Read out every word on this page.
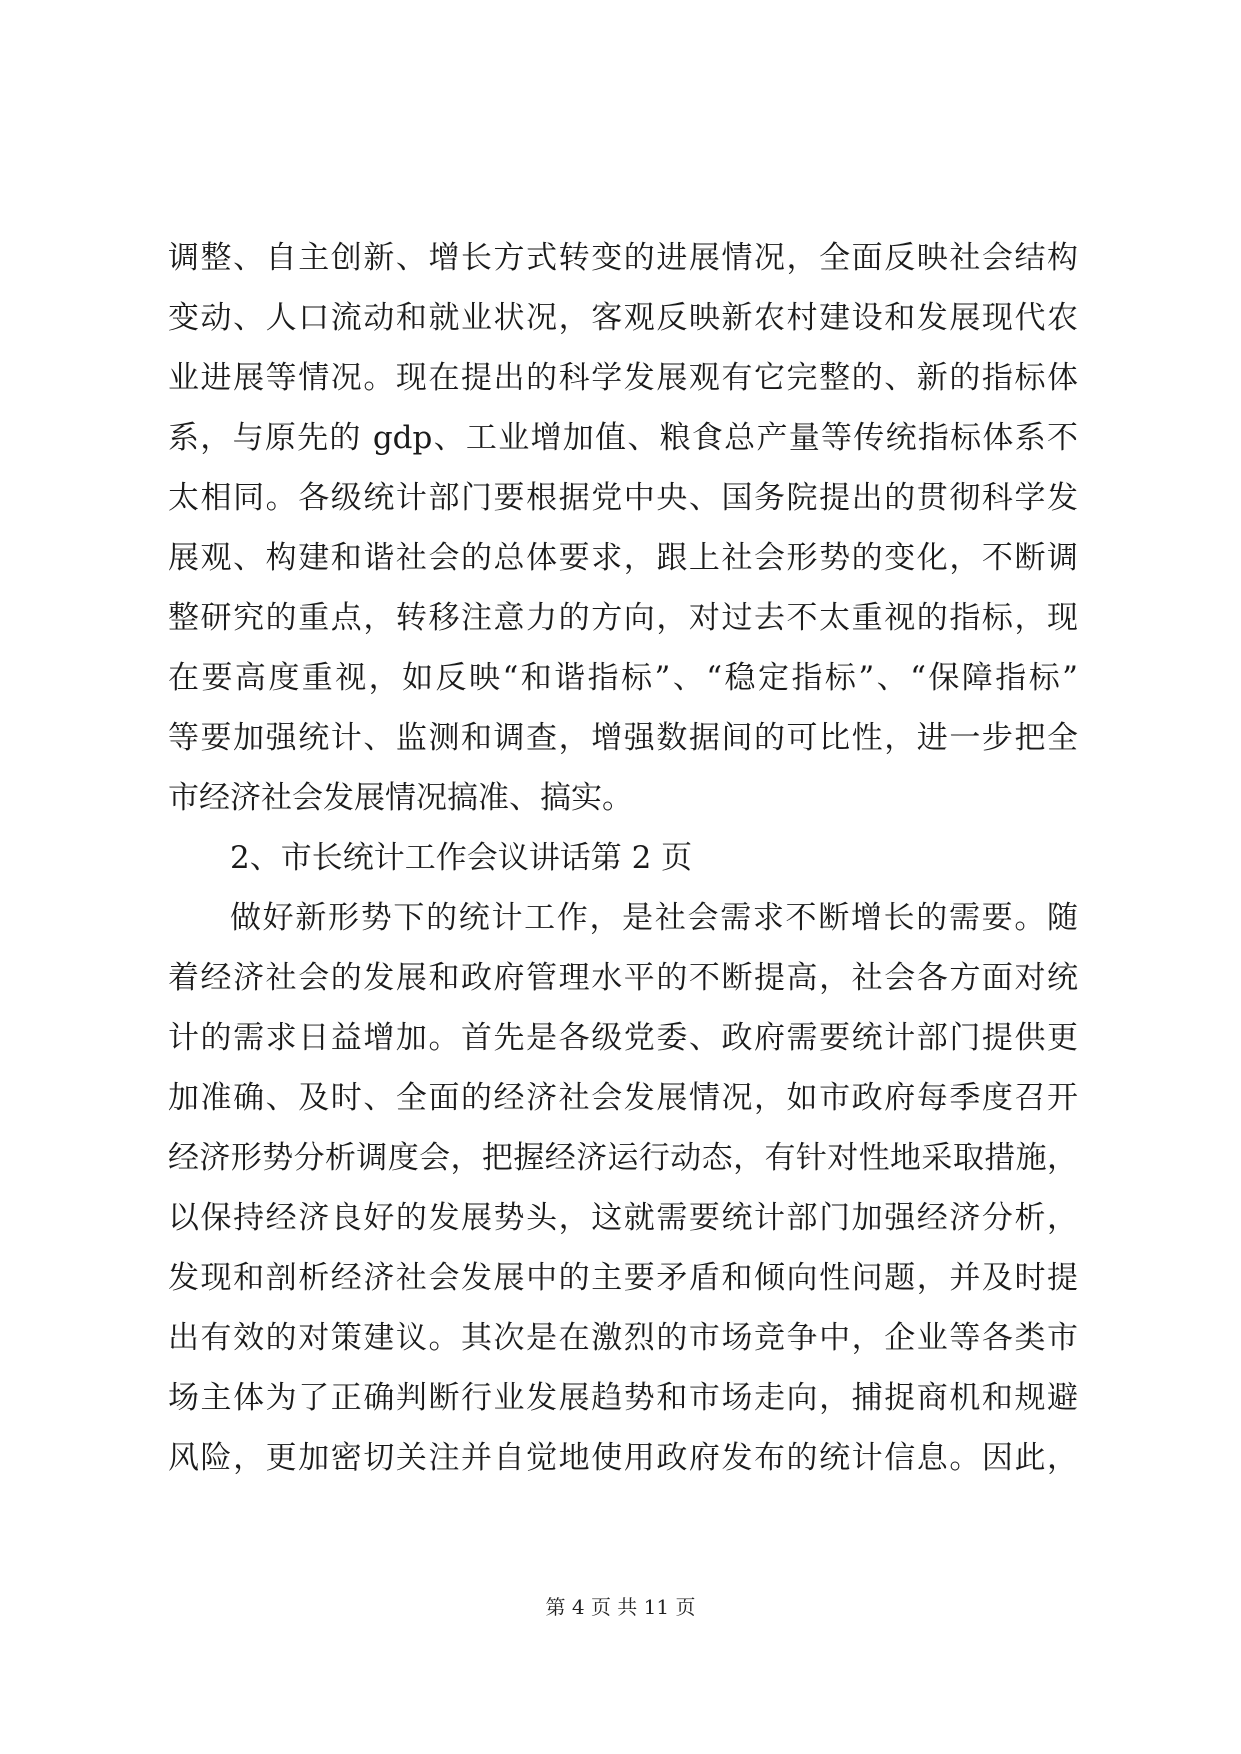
调整、自主创新、增长方式转变的进展情况，全面反映社会结构
变动、人口流动和就业状况，客观反映新农村建设和发展现代农
业进展等情况。现在提出的科学发展观有它完整的、新的指标体
系，与原先的 gdp、工业增加值、粮食总产量等传统指标体系不
太相同。各级统计部门要根据党中央、国务院提出的贯彻科学发
展观、构建和谐社会的总体要求，跟上社会形势的变化，不断调
整研究的重点，转移注意力的方向，对过去不太重视的指标，现
在要高度重视，如反映“和谐指标”、“稳定指标”、“保障指标”
等要加强统计、监测和调查，增强数据间的可比性，进一步把全
市经济社会发展情况搞准、搞实。
2、市长统计工作会议讲话第 2 页
做好新形势下的统计工作，是社会需求不断增长的需要。随
着经济社会的发展和政府管理水平的不断提高，社会各方面对统
计的需求日益增加。首先是各级党委、政府需要统计部门提供更
加准确、及时、全面的经济社会发展情况，如市政府每季度召开
经济形势分析调度会，把握经济运行动态，有针对性地采取措施，
以保持经济良好的发展势头，这就需要统计部门加强经济分析，
发现和剖析经济社会发展中的主要矛盾和倾向性问题，并及时提
出有效的对策建议。其次是在激烈的市场竞争中，企业等各类市
场主体为了正确判断行业发展趋势和市场走向，捕捉商机和规避
风险，更加密切关注并自觉地使用政府发布的统计信息。因此，
第 4 页 共 11 页
